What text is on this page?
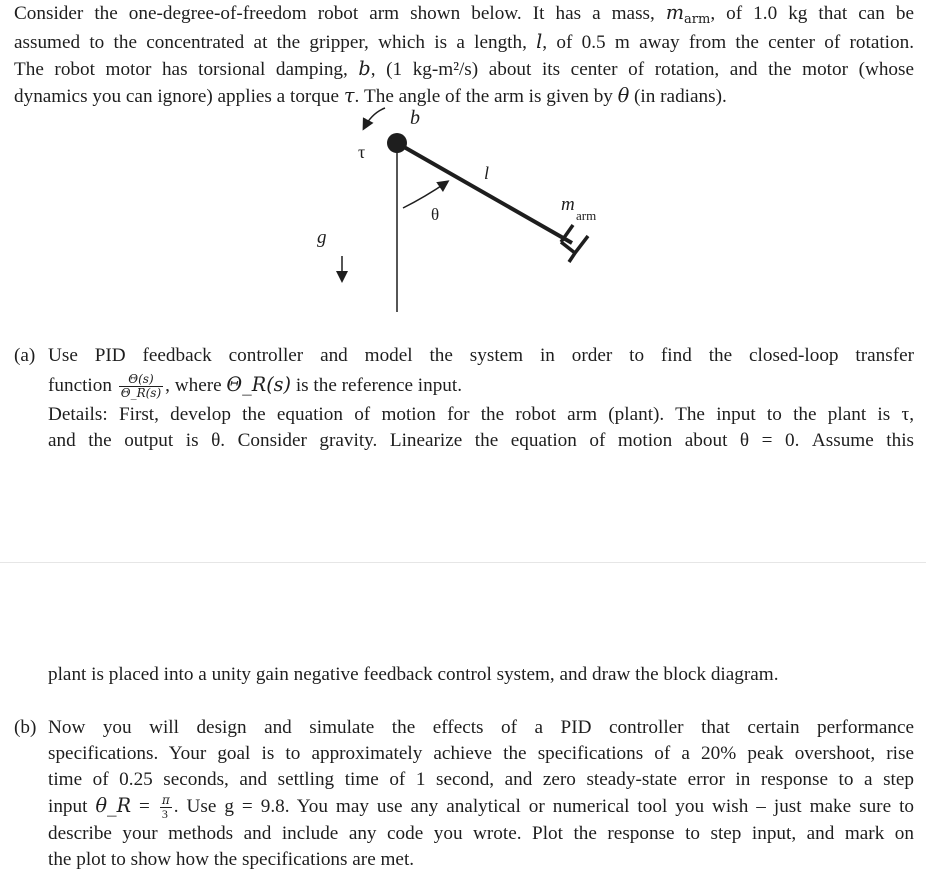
Consider the one-degree-of-freedom robot arm shown below. It has a mass, $m_{arm}$, of 1.0 kg that can be
assumed to the concentrated at the gripper, which is a length, l, of 0.5 m away from the center of rotation.
The robot motor has torsional damping, b, (1 kg-m²/s) about its center of rotation, and the motor (whose
dynamics you can ignore) applies a torque τ. The angle of the arm is given by θ (in radians).
b
τ
l
θ	m
arm
g
(a) Use PID feedback controller and model the system in order to find the closed-loop transfer
function $\frac{\Theta(s)}{\Theta\_R(s)}$ , where Θ_R(s) is the reference input.
Details: First, develop the equation of motion for the robot arm (plant). The input to the plant is τ,
and the output is θ. Consider gravity. Linearize the equation of motion about θ = 0. Assume this
plant is placed into a unity gain negative feedback control system, and draw the block diagram.
(b) Now you will design and simulate the effects of a PID controller that certain performance
specifications. Your goal is to approximately achieve the specifications of a 20% peak overshoot, rise
time of 0.25 seconds, and settling time of 1 second, and zero steady-state error in response to a step
input θ_R = $\frac{\pi}{3}$ . Use g = 9.8. You may use any analytical or numerical tool you wish – just make sure to
describe your methods and include any code you wrote. Plot the response to step input, and mark on
the plot to show how the specifications are met.
